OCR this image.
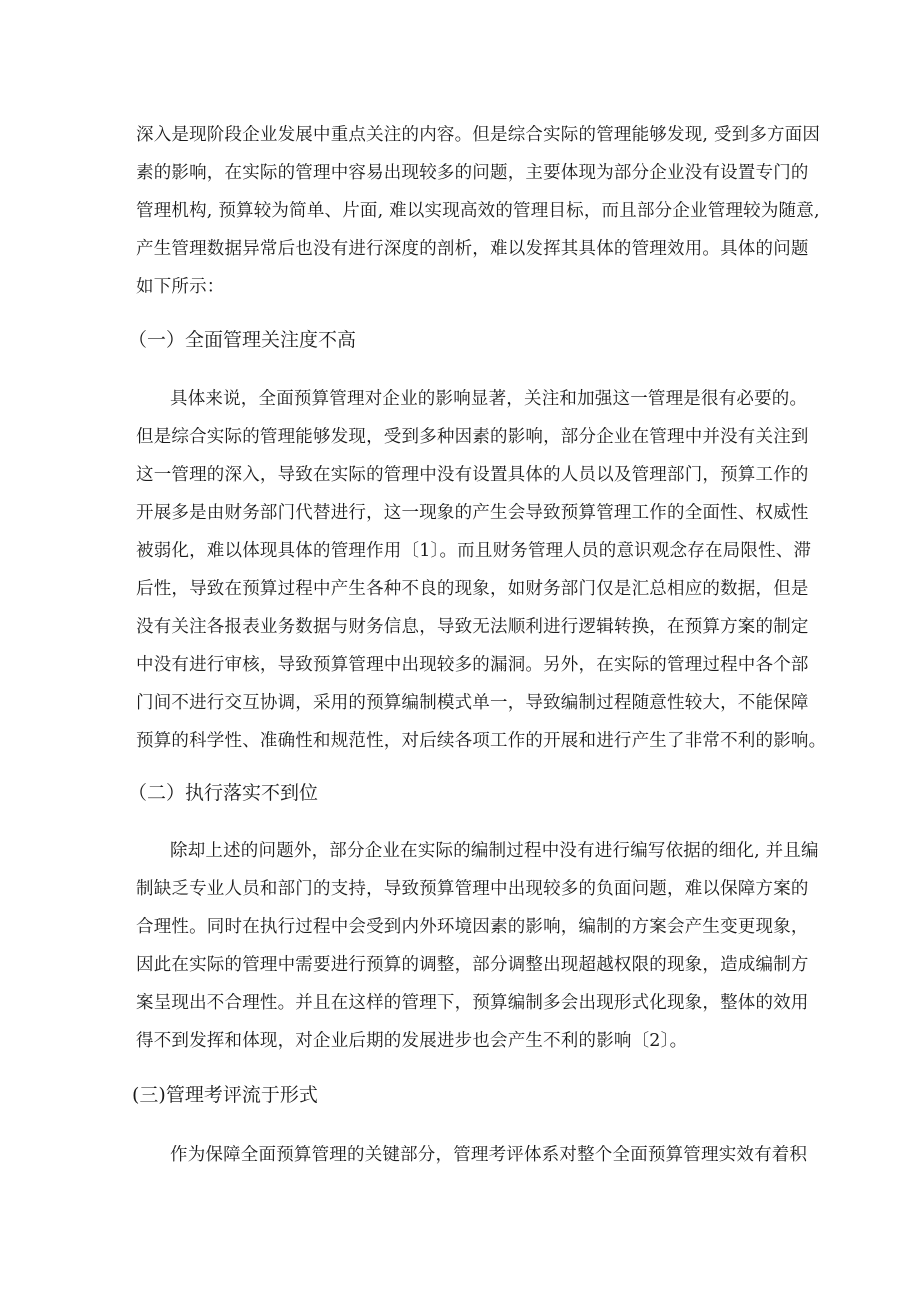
深入是现阶段企业发展中重点关注的内容。但是综合实际的管理能够发现, 受到多方面因
素的影响，在实际的管理中容易出现较多的问题，主要体现为部分企业没有设置专门的
管理机构, 预算较为简单、片面, 难以实现高效的管理目标，而且部分企业管理较为随意,
产生管理数据异常后也没有进行深度的剖析，难以发挥其具体的管理效用。具体的问题
如下所示：
（一）全面管理关注度不高
具体来说，全面预算管理对企业的影响显著，关注和加强这一管理是很有必要的。
但是综合实际的管理能够发现，受到多种因素的影响，部分企业在管理中并没有关注到
这一管理的深入，导致在实际的管理中没有设置具体的人员以及管理部门，预算工作的
开展多是由财务部门代替进行，这一现象的产生会导致预算管理工作的全面性、权威性
被弱化，难以体现具体的管理作用〔1〕。而且财务管理人员的意识观念存在局限性、滞
后性，导致在预算过程中产生各种不良的现象，如财务部门仅是汇总相应的数据，但是
没有关注各报表业务数据与财务信息，导致无法顺利进行逻辑转换，在预算方案的制定
中没有进行审核，导致预算管理中出现较多的漏洞。另外，在实际的管理过程中各个部
门间不进行交互协调，采用的预算编制模式单一，导致编制过程随意性较大，不能保障
预算的科学性、准确性和规范性，对后续各项工作的开展和进行产生了非常不利的影响。
（二）执行落实不到位
除却上述的问题外，部分企业在实际的编制过程中没有进行编写依据的细化, 并且编
制缺乏专业人员和部门的支持，导致预算管理中出现较多的负面问题，难以保障方案的
合理性。同时在执行过程中会受到内外环境因素的影响，编制的方案会产生变更现象，
因此在实际的管理中需要进行预算的调整，部分调整出现超越权限的现象，造成编制方
案呈现出不合理性。并且在这样的管理下，预算编制多会出现形式化现象，整体的效用
得不到发挥和体现，对企业后期的发展进步也会产生不利的影响〔2〕。
(三)管理考评流于形式
作为保障全面预算管理的关键部分，管理考评体系对整个全面预算管理实效有着积
